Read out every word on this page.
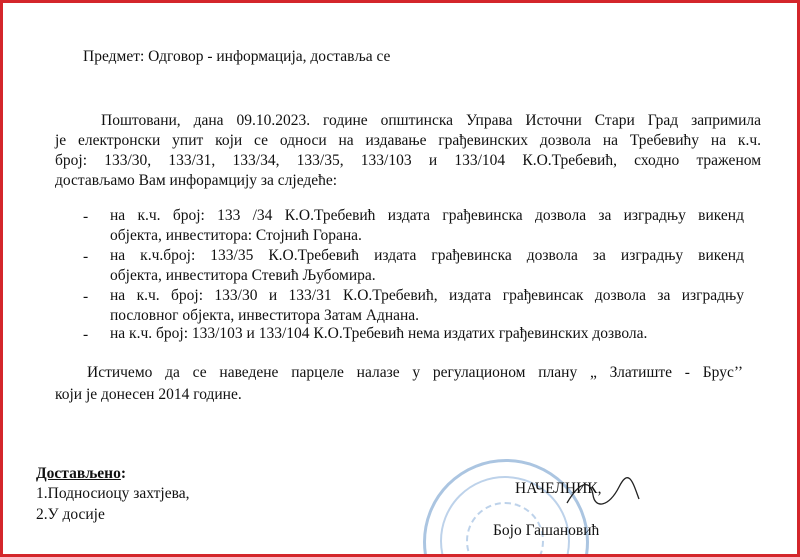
Предмет: Одговор - информација, достављa се
Поштовани, дана 09.10.2023. године општинска Управа Источни Стари Град запримила
је електронски упит који се односи на издавање грађевинских дозвола на Требевићу на к.ч.
број: 133/30, 133/31, 133/34, 133/35, 133/103 и 133/104 К.О.Требевић, сходно траженом
достављамо Вам инфорамцију за слједеће:
- на к.ч. број: 133 /34 К.О.Требевић издата грађевинска дозвола за изградњу викенд
објекта, инвеститора: Стојнић Горана.
- на к.ч.број: 133/35 К.О.Требевић издата грађевинска дозвола за изградњу викенд
објекта, инвеститора Стевић Љубомира.
- на к.ч. број: 133/30 и 133/31 К.О.Требевић, издата грађевинсак дозвола за изградњу
пословног објекта, инвеститора Затам Аднана.
- на к.ч. број: 133/103 и 133/104 К.О.Требевић нема издатих грађевинских дозвола.
Истичемо да се наведене парцеле налазе у регулационом плану „ Златиште - Брус’’
који је донесен 2014 године.
Достављено:
1.Подносиоцу захтјева,
2.У досије
НАЧЕЛНИК,
Бојо Гашановић
